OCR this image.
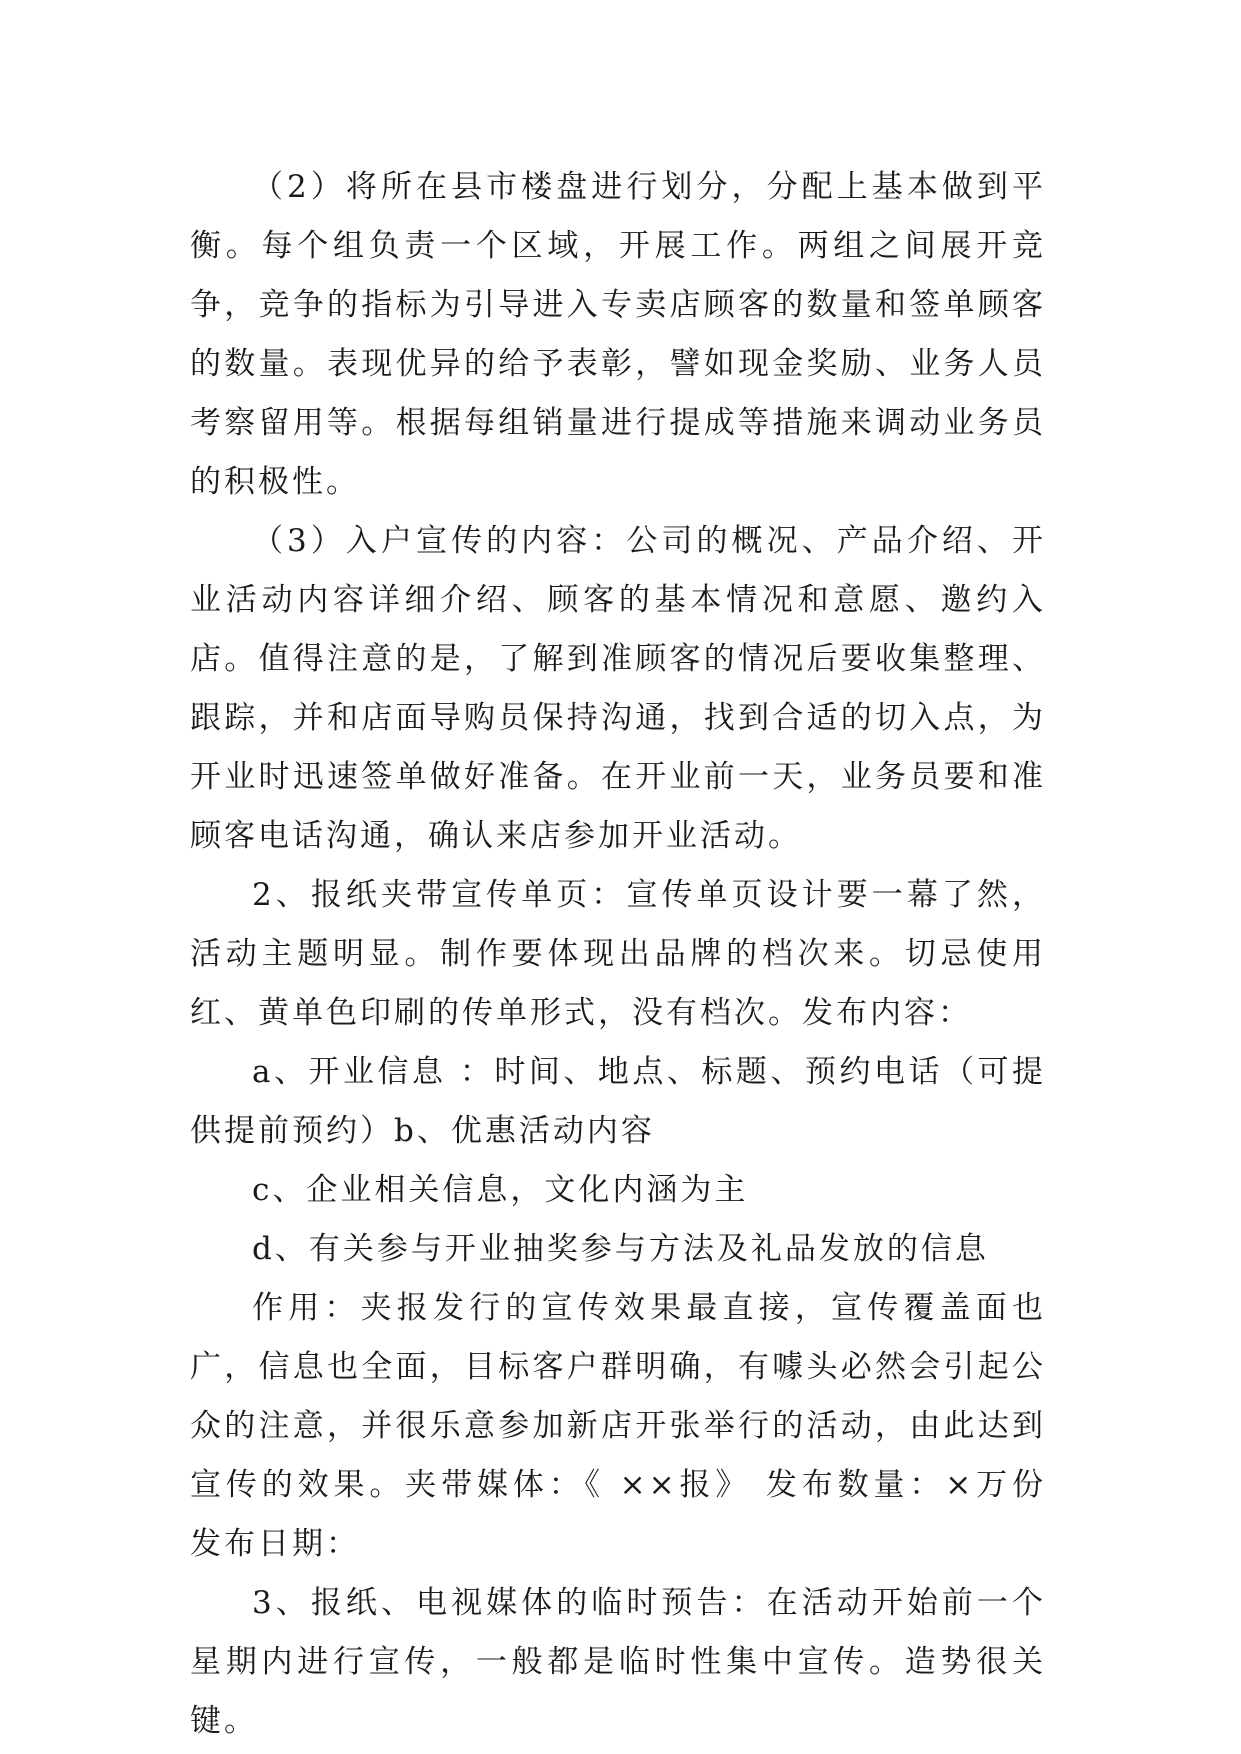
（2）将所在县市楼盘进行划分，分配上基本做到平衡。每个组负责一个区域，开展工作。两组之间展开竞争，竞争的指标为引导进入专卖店顾客的数量和签单顾客的数量。表现优异的给予表彰，譬如现金奖励、业务人员考察留用等。根据每组销量进行提成等措施来调动业务员的积极性。

（3）入户宣传的内容：公司的概况、产品介绍、开业活动内容详细介绍、顾客的基本情况和意愿、邀约入店。值得注意的是，了解到准顾客的情况后要收集整理、跟踪，并和店面导购员保持沟通，找到合适的切入点，为开业时迅速签单做好准备。在开业前一天，业务员要和准顾客电话沟通，确认来店参加开业活动。

2、报纸夹带宣传单页：宣传单页设计要一幕了然，活动主题明显。制作要体现出品牌的档次来。切忌使用红、黄单色印刷的传单形式，没有档次。发布内容：

a、开业信息 ：时间、地点、标题、预约电话（可提供提前预约）b、优惠活动内容

c、企业相关信息，文化内涵为主

d、有关参与开业抽奖参与方法及礼品发放的信息

作用：夹报发行的宣传效果最直接，宣传覆盖面也广，信息也全面，目标客户群明确，有噱头必然会引起公众的注意，并很乐意参加新店开张举行的活动，由此达到宣传的效果。夹带媒体：《 ××报》 发布数量：×万份 发布日期：

3、报纸、电视媒体的临时预告：在活动开始前一个星期内进行宣传，一般都是临时性集中宣传。造势很关键。
